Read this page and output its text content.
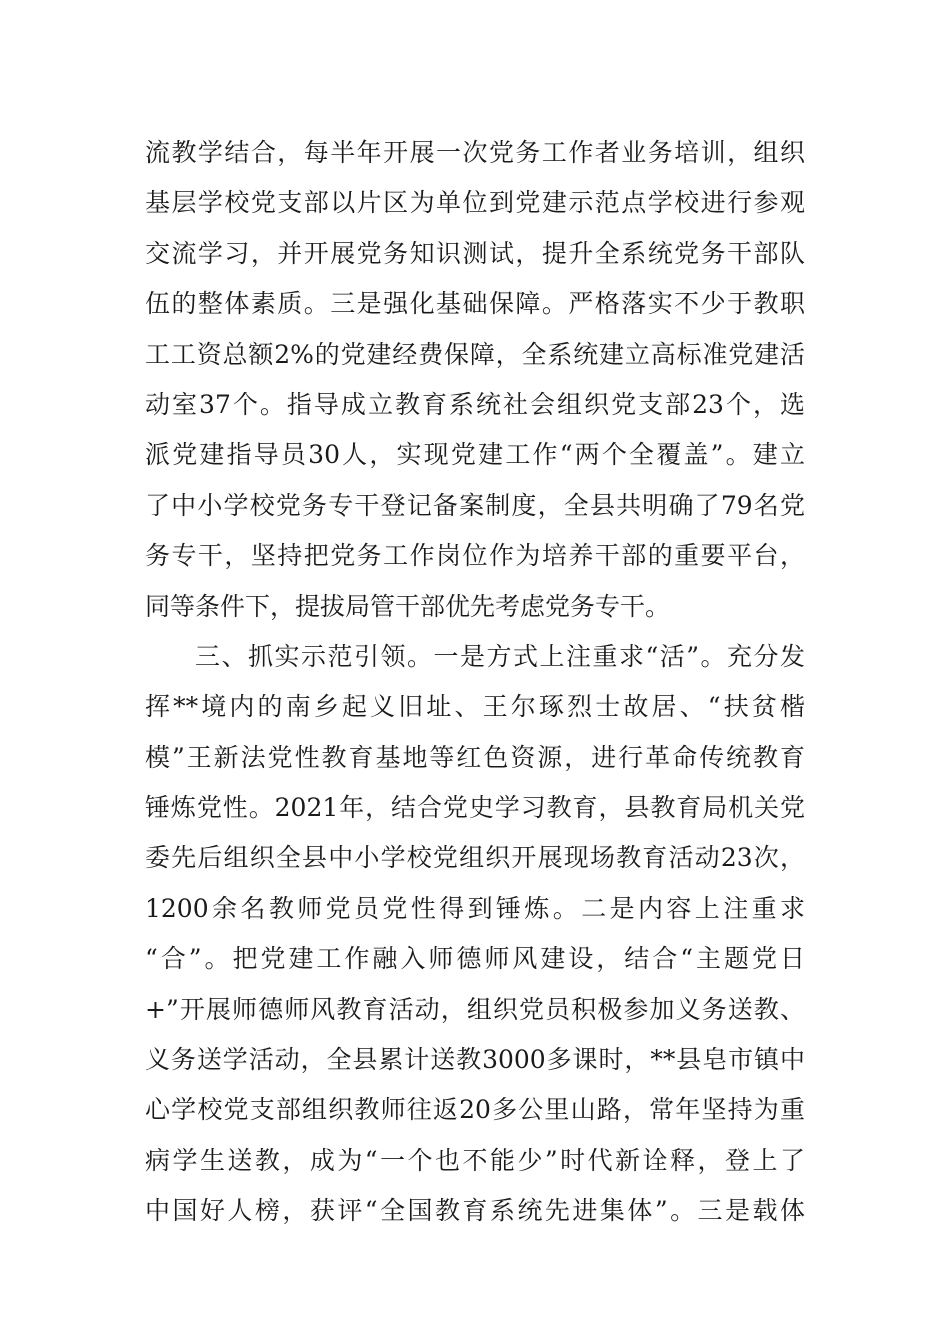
流教学结合，每半年开展一次党务工作者业务培训，组织
基层学校党支部以片区为单位到党建示范点学校进行参观
交流学习，并开展党务知识测试，提升全系统党务干部队
伍的整体素质。三是强化基础保障。严格落实不少于教职
工工资总额2%的党建经费保障，全系统建立高标准党建活
动室37个。指导成立教育系统社会组织党支部23个，选
派党建指导员30人，实现党建工作“两个全覆盖”。建立
了中小学校党务专干登记备案制度，全县共明确了79名党
务专干，坚持把党务工作岗位作为培养干部的重要平台，
同等条件下，提拔局管干部优先考虑党务专干。
三、抓实示范引领。一是方式上注重求“活”。充分发
挥**境内的南乡起义旧址、王尔琢烈士故居、“扶贫楷
模”王新法党性教育基地等红色资源，进行革命传统教育
锤炼党性。2021年，结合党史学习教育，县教育局机关党
委先后组织全县中小学校党组织开展现场教育活动23次，
1200余名教师党员党性得到锤炼。二是内容上注重求
“合”。把党建工作融入师德师风建设，结合“主题党日
+”开展师德师风教育活动，组织党员积极参加义务送教、
义务送学活动，全县累计送教3000多课时，**县皂市镇中
心学校党支部组织教师往返20多公里山路，常年坚持为重
病学生送教，成为“一个也不能少”时代新诠释，登上了
中国好人榜，获评“全国教育系统先进集体”。三是载体
